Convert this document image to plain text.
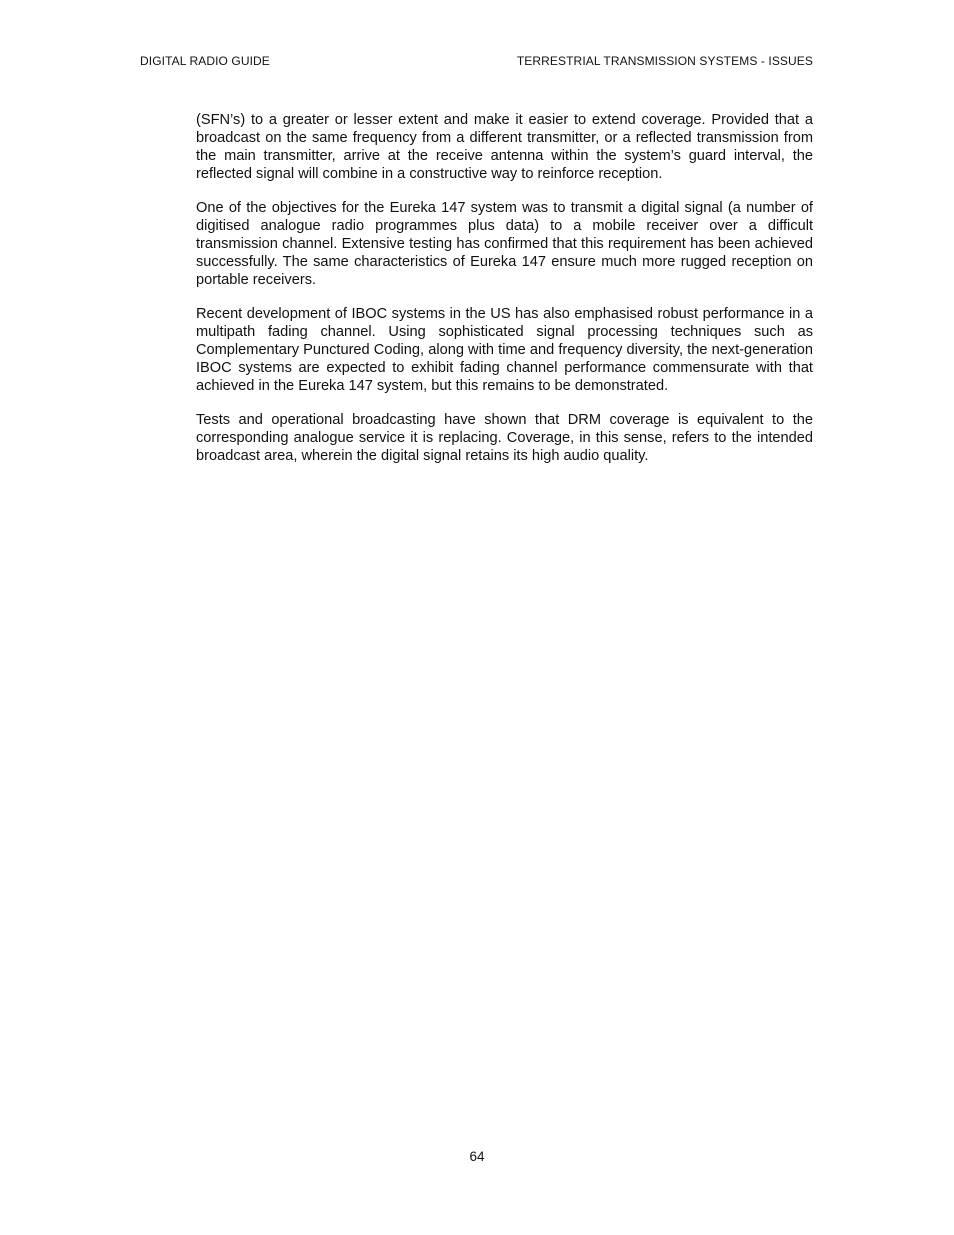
DIGITAL RADIO GUIDE	TERRESTRIAL TRANSMISSION SYSTEMS - ISSUES

(SFN’s) to a greater or lesser extent and make it easier to extend coverage. Provided that a broadcast on the same frequency from a different transmitter, or a reflected transmission from the main transmitter, arrive at the receive antenna within the system’s guard interval, the reflected signal will combine in a constructive way to reinforce reception.

One of the objectives for the Eureka 147 system was to transmit a digital signal (a number of digitised analogue radio programmes plus data) to a mobile receiver over a difficult transmission channel. Extensive testing has confirmed that this requirement has been achieved successfully. The same characteristics of Eureka 147 ensure much more rugged reception on portable receivers.

Recent development of IBOC systems in the US has also emphasised robust performance in a multipath fading channel. Using sophisticated signal processing techniques such as Complementary Punctured Coding, along with time and frequency diversity, the next-generation IBOC systems are expected to exhibit fading channel performance commensurate with that achieved in the Eureka 147 system, but this remains to be demonstrated.

Tests and operational broadcasting have shown that DRM coverage is equivalent to the corresponding analogue service it is replacing. Coverage, in this sense, refers to the intended broadcast area, wherein the digital signal retains its high audio quality.

64
